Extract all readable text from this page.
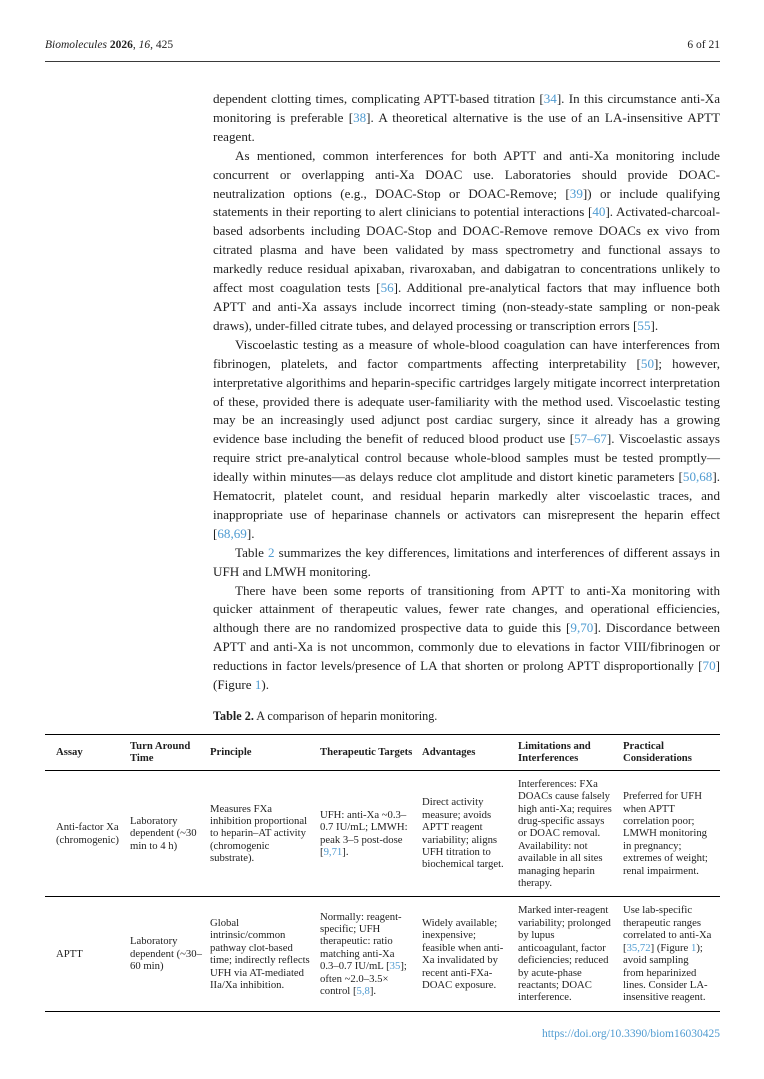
Biomolecules 2026, 16, 425	6 of 21

dependent clotting times, complicating APTT-based titration [34]. In this circumstance anti-Xa monitoring is preferable [38]. A theoretical alternative is the use of an LA-insensitive APTT reagent.

As mentioned, common interferences for both APTT and anti-Xa monitoring include concurrent or overlapping anti-Xa DOAC use. Laboratories should provide DOAC-neutralization options (e.g., DOAC-Stop or DOAC-Remove; [39]) or include qualifying statements in their reporting to alert clinicians to potential interactions [40]. Activated-charcoal-based adsorbents including DOAC-Stop and DOAC-Remove remove DOACs ex vivo from citrated plasma and have been validated by mass spectrometry and functional assays to markedly reduce residual apixaban, rivaroxaban, and dabigatran to concentrations unlikely to affect most coagulation tests [56]. Additional pre-analytical factors that may influence both APTT and anti-Xa assays include incorrect timing (non-steady-state sampling or non-peak draws), under-filled citrate tubes, and delayed processing or transcription errors [55].

Viscoelastic testing as a measure of whole-blood coagulation can have interferences from fibrinogen, platelets, and factor compartments affecting interpretability [50]; however, interpretative algorithims and heparin-specific cartridges largely mitigate incorrect interpretation of these, provided there is adequate user-familiarity with the method used. Viscoelastic testing may be an increasingly used adjunct post cardiac surgery, since it already has a growing evidence base including the benefit of reduced blood product use [57–67]. Viscoelastic assays require strict pre-analytical control because whole-blood samples must be tested promptly—ideally within minutes—as delays reduce clot amplitude and distort kinetic parameters [50,68]. Hematocrit, platelet count, and residual heparin markedly alter viscoelastic traces, and inappropriate use of heparinase channels or activators can misrepresent the heparin effect [68,69].

Table 2 summarizes the key differences, limitations and interferences of different assays in UFH and LMWH monitoring.

There have been some reports of transitioning from APTT to anti-Xa monitoring with quicker attainment of therapeutic values, fewer rate changes, and operational efficiencies, although there are no randomized prospective data to guide this [9,70]. Discordance between APTT and anti-Xa is not uncommon, commonly due to elevations in factor VIII/fibrinogen or reductions in factor levels/presence of LA that shorten or prolong APTT disproportionally [70] (Figure 1).

Table 2. A comparison of heparin monitoring.
Assay	Turn Around Time	Principle	Therapeutic Targets	Advantages	Limitations and Interferences	Practical Considerations
Anti-factor Xa (chromogenic)	Laboratory dependent (~30 min to 4 h)	Measures FXa inhibition proportional to heparin–AT activity (chromogenic substrate).	UFH: anti-Xa ~0.3–0.7 IU/mL; LMWH: peak 3–5 post-dose [9,71].	Direct activity measure; avoids APTT reagent variability; aligns UFH titration to biochemical target.	Interferences: FXa DOACs cause falsely high anti-Xa; requires drug-specific assays or DOAC removal. Availability: not available in all sites managing heparin therapy.	Preferred for UFH when APTT correlation poor; LMWH monitoring in pregnancy; extremes of weight; renal impairment.
APTT	Laboratory dependent (~30–60 min)	Global intrinsic/common pathway clot-based time; indirectly reflects UFH via AT-mediated IIa/Xa inhibition.	Normally: reagent-specific; UFH therapeutic: ratio matching anti-Xa 0.3–0.7 IU/mL [35]; often ~2.0–3.5× control [5,8].	Widely available; inexpensive; feasible when anti-Xa invalidated by recent anti-FXa-DOAC exposure.	Marked inter-reagent variability; prolonged by lupus anticoagulant, factor deficiencies; reduced by acute-phase reactants; DOAC interference.	Use lab-specific therapeutic ranges correlated to anti-Xa [35,72] (Figure 1); avoid sampling from heparinized lines. Consider LA-insensitive reagent.
https://doi.org/10.3390/biom16030425
